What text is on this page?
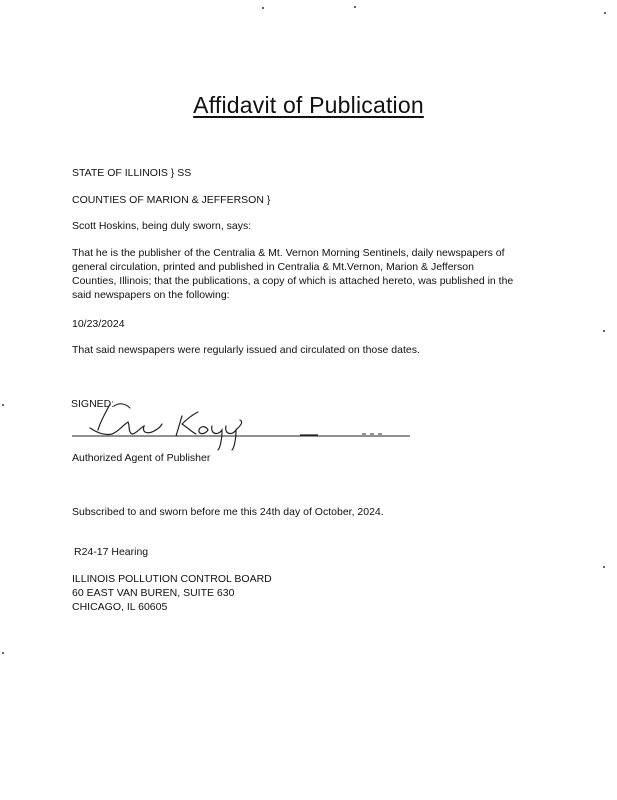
Affidavit of Publication
STATE OF ILLINOIS } SS
COUNTIES OF MARION & JEFFERSON }
Scott Hoskins, being duly sworn, says:
That he is the publisher of the Centralia & Mt. Vernon Morning Sentinels, daily newspapers of
general circulation, printed and published in Centralia & Mt.Vernon, Marion & Jefferson
Counties, Illinois; that the publications, a copy of which is attached hereto, was published in the
said newspapers on the following:
10/23/2024
That said newspapers were regularly issued and circulated on those dates.
SIGNED:
Authorized Agent of Publisher
Subscribed to and sworn before me this 24th day of October, 2024.
R24-17 Hearing
ILLINOIS POLLUTION CONTROL BOARD
60 EAST VAN BUREN, SUITE 630
CHICAGO, IL 60605
